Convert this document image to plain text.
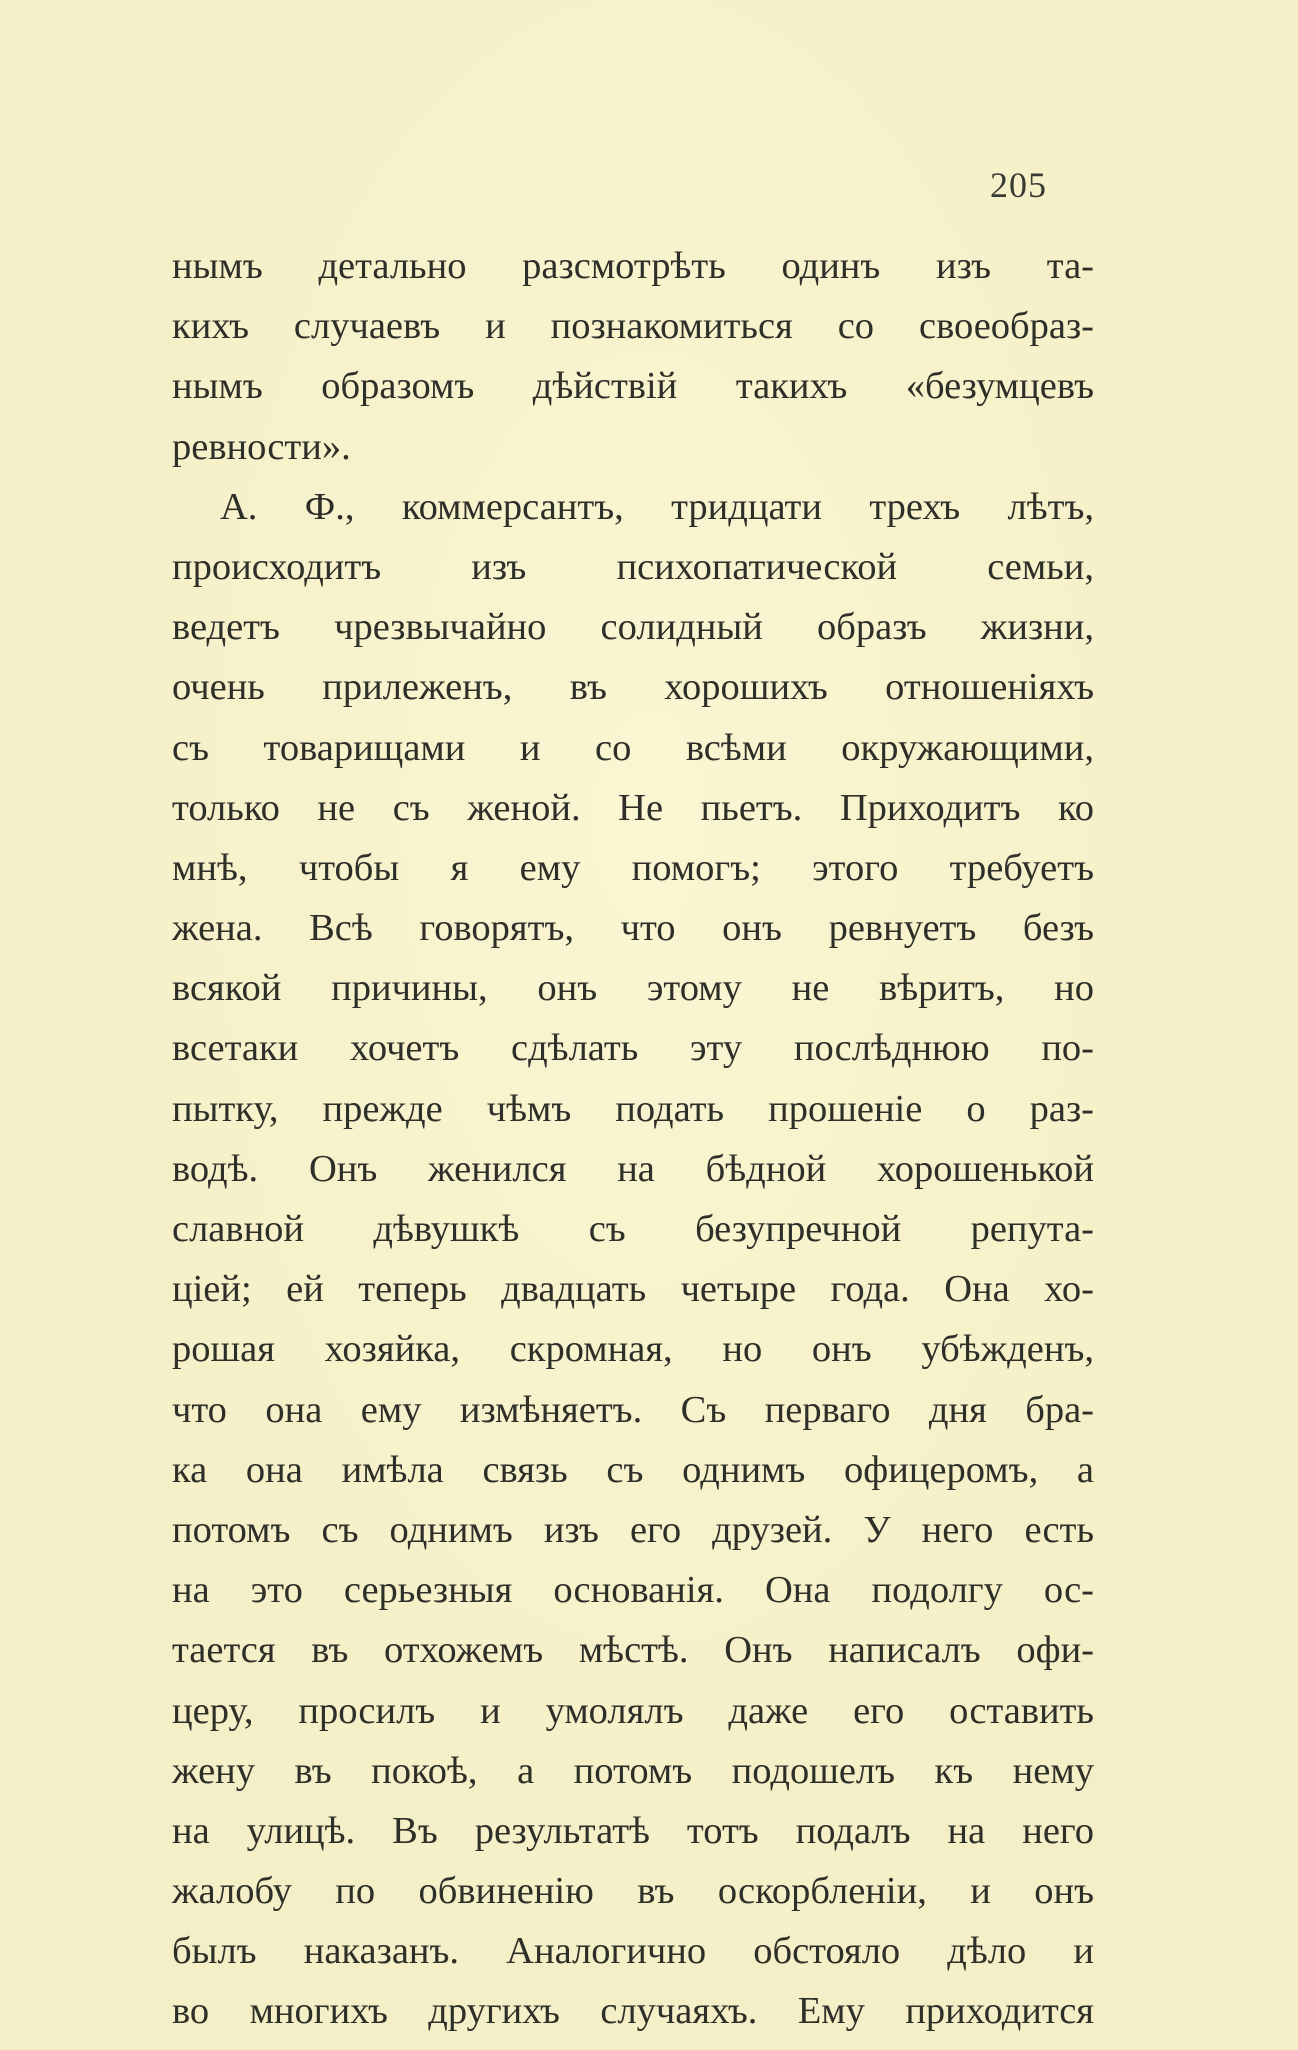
205
нымъ детально разсмотрѣть одинъ изъ та-
кихъ случаевъ и познакомиться со своеобраз-
нымъ образомъ дѣйствій такихъ «безумцевъ
ревности».
А. Ф., коммерсантъ, тридцати трехъ лѣтъ,
происходитъ изъ психопатической семьи,
ведетъ чрезвычайно солидный образъ жизни,
очень прилеженъ, въ хорошихъ отношеніяхъ
съ товарищами и со всѣми окружающими,
только не съ женой. Не пьетъ. Приходитъ ко
мнѣ, чтобы я ему помогъ; этого требуетъ
жена. Всѣ говорятъ, что онъ ревнуетъ безъ
всякой причины, онъ этому не вѣритъ, но
всетаки хочетъ сдѣлать эту послѣднюю по-
пытку, прежде чѣмъ подать прошеніе о раз-
водѣ. Онъ женился на бѣдной хорошенькой
славной дѣвушкѣ съ безупречной репута-
ціей; ей теперь двадцать четыре года. Она хо-
рошая хозяйка, скромная, но онъ убѣжденъ,
что она ему измѣняетъ. Съ перваго дня бра-
ка она имѣла связь съ однимъ офицеромъ, а
потомъ съ однимъ изъ его друзей. У него есть
на это серьезныя основанія. Она подолгу ос-
тается въ отхожемъ мѣстѣ. Онъ написалъ офи-
церу, просилъ и умолялъ даже его оставить
жену въ покоѣ, а потомъ подошелъ къ нему
на улицѣ. Въ результатѣ тотъ подалъ на него
жалобу по обвиненію въ оскорбленіи, и онъ
былъ наказанъ. Аналогично обстояло дѣло и
во многихъ другихъ случаяхъ. Ему приходится
